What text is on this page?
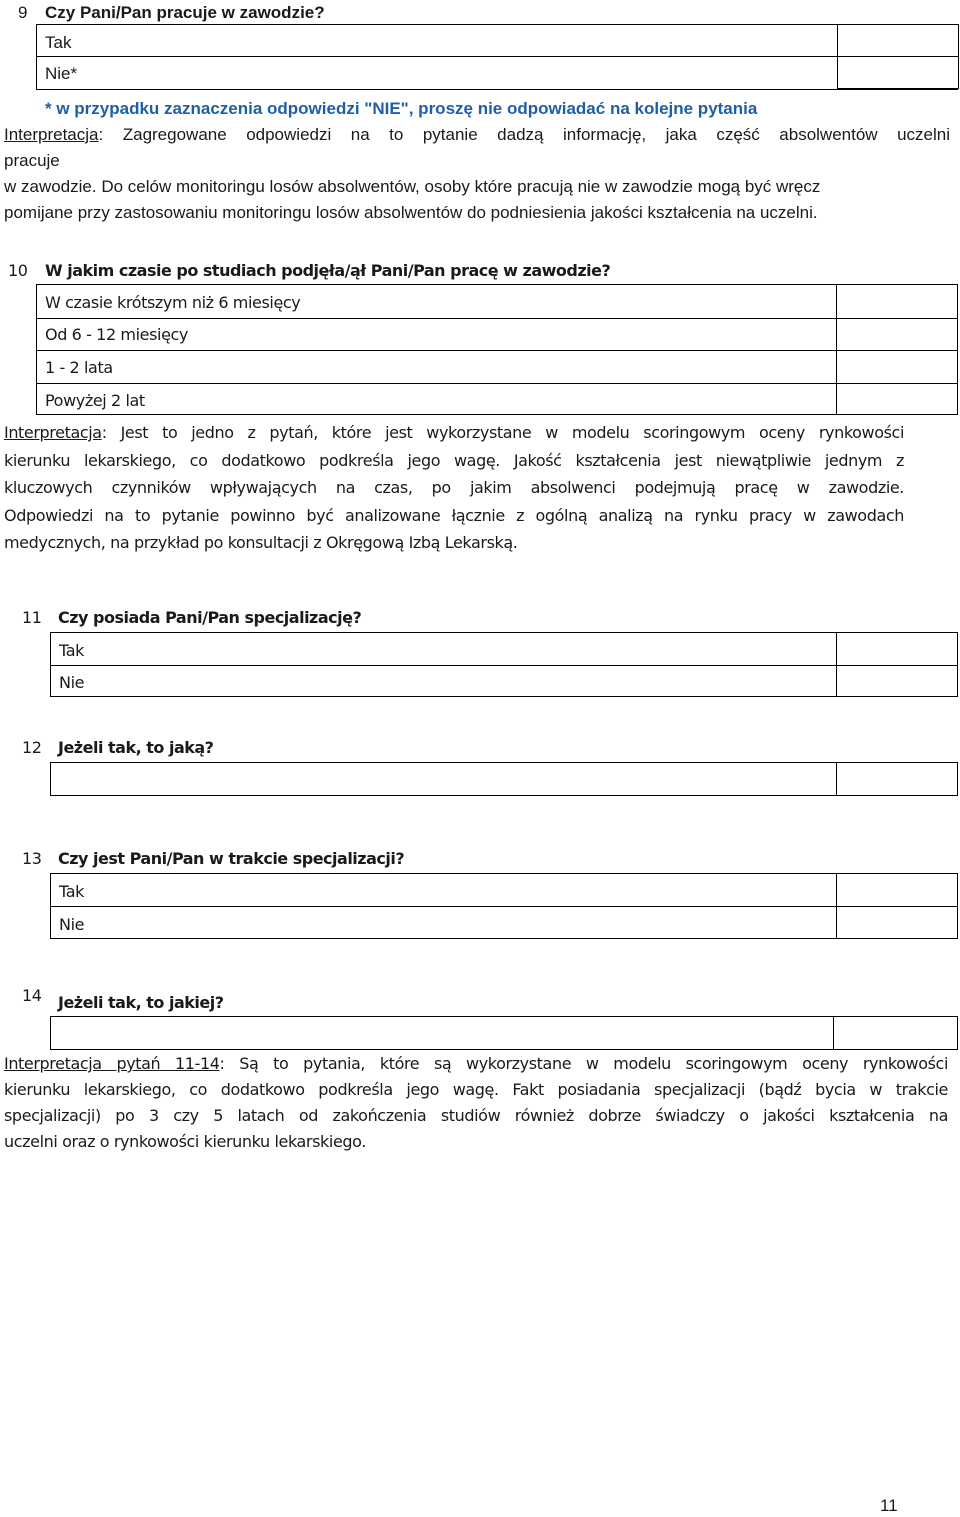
9 Czy Pani/Pan pracuje w zawodzie?
Tak
Nie*
* w przypadku zaznaczenia odpowiedzi "NIE", proszę nie odpowiadać na kolejne pytania
Interpretacja: Zagregowane odpowiedzi na to pytanie dadzą informację, jaka część absolwentów uczelni
pracuje
w zawodzie. Do celów monitoringu losów absolwentów, osoby które pracują nie w zawodzie mogą być wręcz
pomijane przy zastosowaniu monitoringu losów absolwentów do podniesienia jakości kształcenia na uczelni.
10 W jakim czasie po studiach podjęła/ął Pani/Pan pracę w zawodzie?
W czasie krótszym niż 6 miesięcy
Od 6 - 12 miesięcy
1 - 2 lata
Powyżej 2 lat
Interpretacja: Jest to jedno z pytań, które jest wykorzystane w modelu scoringowym oceny rynkowości
kierunku lekarskiego, co dodatkowo podkreśla jego wagę. Jakość kształcenia jest niewątpliwie jednym z
kluczowych czynników wpływających na czas, po jakim absolwenci podejmują pracę w zawodzie.
Odpowiedzi na to pytanie powinno być analizowane łącznie z ogólną analizą na rynku pracy w zawodach
medycznych, na przykład po konsultacji z Okręgową Izbą Lekarską.
11 Czy posiada Pani/Pan specjalizację?
Tak
Nie
12 Jeżeli tak, to jaką?
13 Czy jest Pani/Pan w trakcie specjalizacji?
Tak
Nie
14 Jeżeli tak, to jakiej?
Interpretacja pytań 11-14: Są to pytania, które są wykorzystane w modelu scoringowym oceny rynkowości
kierunku lekarskiego, co dodatkowo podkreśla jego wagę. Fakt posiadania specjalizacji (bądź bycia w trakcie
specjalizacji) po 3 czy 5 latach od zakończenia studiów również dobrze świadczy o jakości kształcenia na
uczelni oraz o rynkowości kierunku lekarskiego.
11
